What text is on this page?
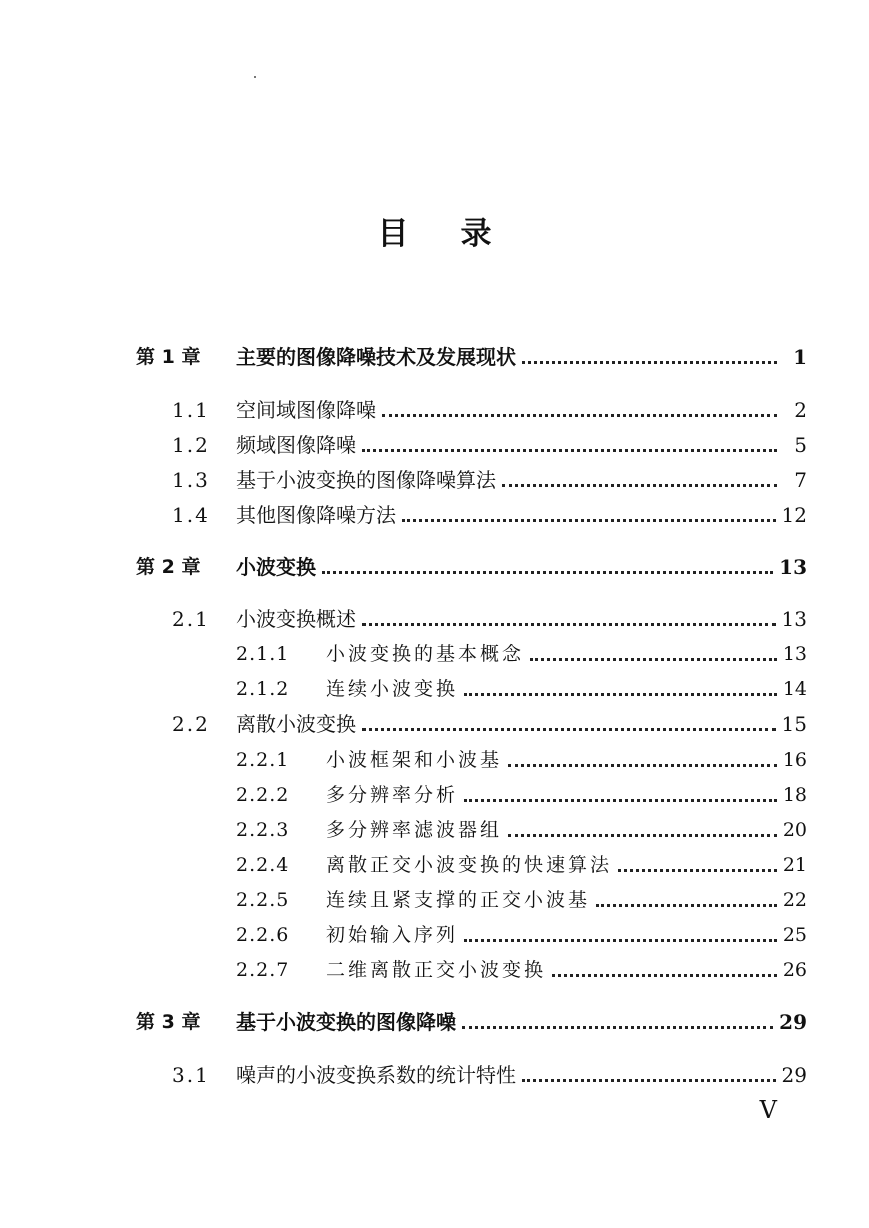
目 录
第 1 章	主要的图像降噪技术及发展现状	1
1.1	空间域图像降噪	2
1.2	频域图像降噪	5
1.3	基于小波变换的图像降噪算法	7
1.4	其他图像降噪方法	12
第 2 章	小波变换	13
2.1	小波变换概述	13
2.1.1	小波变换的基本概念	13
2.1.2	连续小波变换	14
2.2	离散小波变换	15
2.2.1	小波框架和小波基	16
2.2.2	多分辨率分析	18
2.2.3	多分辨率滤波器组	20
2.2.4	离散正交小波变换的快速算法	21
2.2.5	连续且紧支撑的正交小波基	22
2.2.6	初始输入序列	25
2.2.7	二维离散正交小波变换	26
第 3 章	基于小波变换的图像降噪	29
3.1	噪声的小波变换系数的统计特性	29
V
